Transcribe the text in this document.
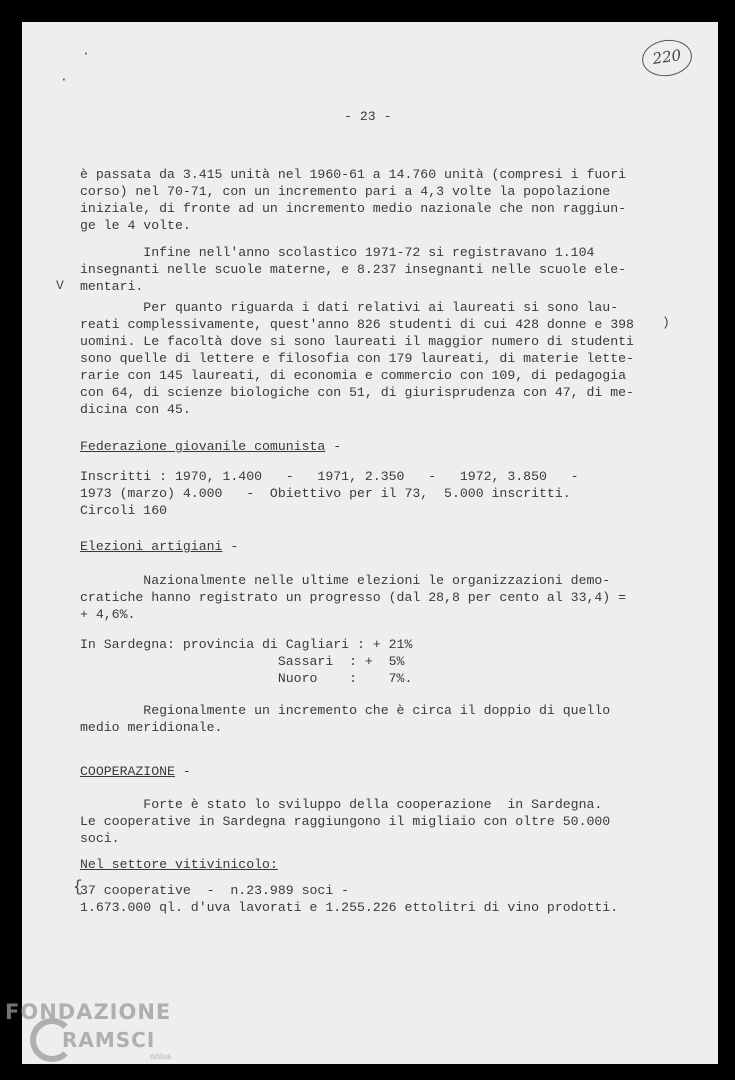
220
·
·
- 23 -
è passata da 3.415 unità nel 1960-61 a 14.760 unità (compresi i fuori
corso) nel 70-71, con un incremento pari a 4,3 volte la popolazione
iniziale, di fronte ad un incremento medio nazionale che non raggiun-
ge le 4 volte.
Infine nell'anno scolastico 1971-72 si registravano 1.104
insegnanti nelle scuole materne, e 8.237 insegnanti nelle scuole ele-
mentari.
V
Per quanto riguarda i dati relativi ai laureati si sono lau-
reati complessivamente, quest'anno 826 studenti di cui 428 donne e 398
uomini. Le facoltà dove si sono laureati il maggior numero di studenti
sono quelle di lettere e filosofia con 179 laureati, di materie lette-
rarie con 145 laureati, di economia e commercio con 109, di pedagogia
con 64, di scienze biologiche con 51, di giurisprudenza con 47, di me-
dicina con 45.
Federazione giovanile comunista -
Inscritti : 1970, 1.400   -   1971, 2.350   -   1972, 3.850   -
1973 (marzo) 4.000   -  Obiettivo per il 73,  5.000 inscritti.
Circoli 160
Elezioni artigiani -
Nazionalmente nelle ultime elezioni le organizzazioni demo-
cratiche hanno registrato un progresso (dal 28,8 per cento al 33,4) =
+ 4,6%.
In Sardegna: provincia di Cagliari : + 21%
Sassari  : +  5%
Nuoro    :    7%.
Regionalmente un incremento che è circa il doppio di quello
medio meridionale.
COOPERAZIONE -
Forte è stato lo sviluppo della cooperazione  in Sardegna.
Le cooperative in Sardegna raggiungono il migliaio con oltre 50.000
soci.
Nel settore vitivinicolo:
{
37 cooperative  -  n.23.989 soci -
1.673.000 ql. d'uva lavorati e 1.255.226 ettolitri di vino prodotti.
)
FONDAZIONE
RAMSCI
onlus
